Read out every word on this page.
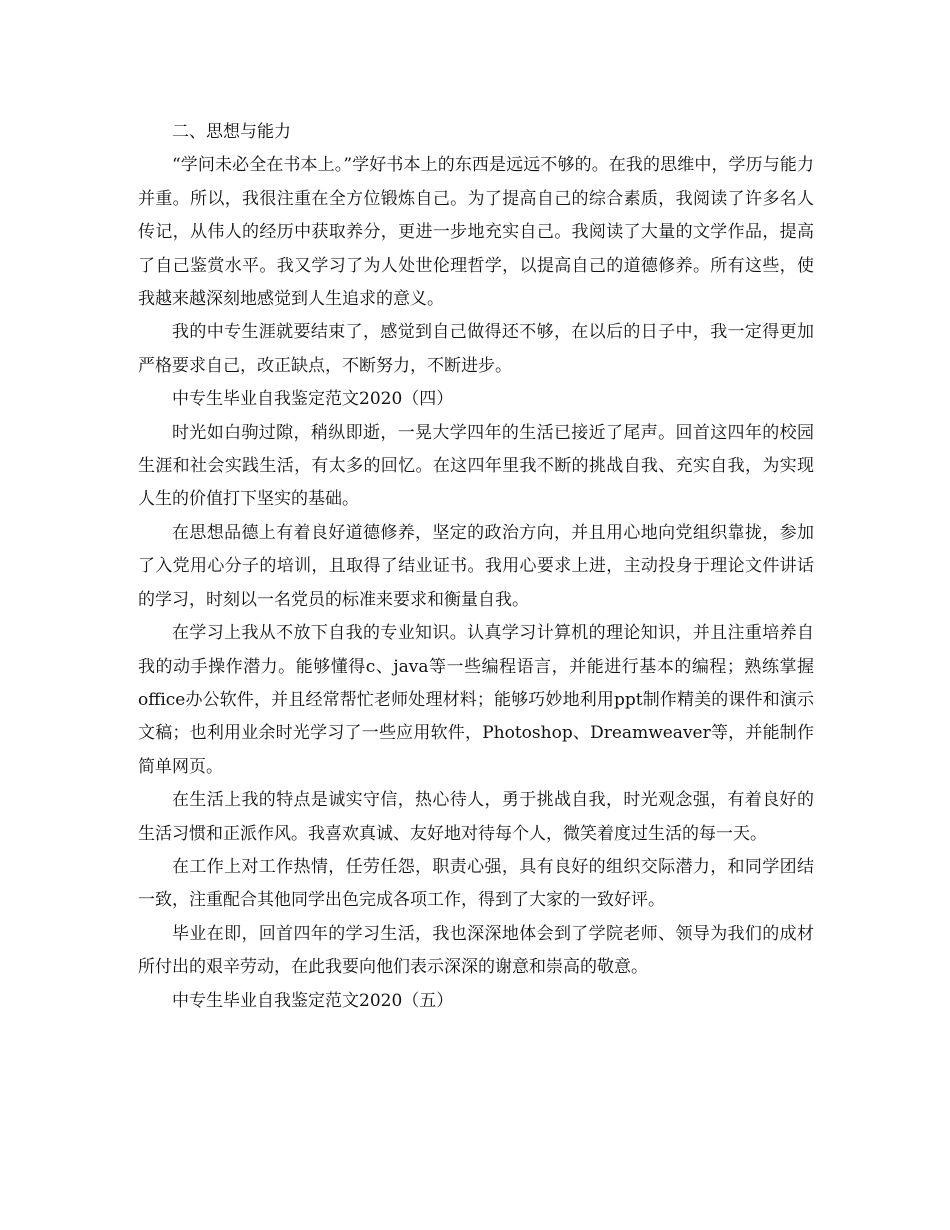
二、思想与能力

“学问未必全在书本上。”学好书本上的东西是远远不够的。在我的思维中，学历与能力并重。所以，我很注重在全方位锻炼自己。为了提高自己的综合素质，我阅读了许多名人传记，从伟人的经历中获取养分，更进一步地充实自己。我阅读了大量的文学作品，提高了自己鉴赏水平。我又学习了为人处世伦理哲学，以提高自己的道德修养。所有这些，使我越来越深刻地感觉到人生追求的意义。

我的中专生涯就要结束了，感觉到自己做得还不够，在以后的日子中，我一定得更加严格要求自己，改正缺点，不断努力，不断进步。

中专生毕业自我鉴定范文2020（四）

时光如白驹过隙，稍纵即逝，一晃大学四年的生活已接近了尾声。回首这四年的校园生涯和社会实践生活，有太多的回忆。在这四年里我不断的挑战自我、充实自我，为实现人生的价值打下坚实的基础。

在思想品德上有着良好道德修养，坚定的政治方向，并且用心地向党组织靠拢，参加了入党用心分子的培训，且取得了结业证书。我用心要求上进，主动投身于理论文件讲话的学习，时刻以一名党员的标准来要求和衡量自我。

在学习上我从不放下自我的专业知识。认真学习计算机的理论知识，并且注重培养自我的动手操作潜力。能够懂得c、java等一些编程语言，并能进行基本的编程；熟练掌握office办公软件，并且经常帮忙老师处理材料；能够巧妙地利用ppt制作精美的课件和演示文稿；也利用业余时光学习了一些应用软件，Photoshop、Dreamweaver等，并能制作简单网页。

在生活上我的特点是诚实守信，热心待人，勇于挑战自我，时光观念强，有着良好的生活习惯和正派作风。我喜欢真诚、友好地对待每个人，微笑着度过生活的每一天。

在工作上对工作热情，任劳任怨，职责心强，具有良好的组织交际潜力，和同学团结一致，注重配合其他同学出色完成各项工作，得到了大家的一致好评。

毕业在即，回首四年的学习生活，我也深深地体会到了学院老师、领导为我们的成材所付出的艰辛劳动，在此我要向他们表示深深的谢意和崇高的敬意。

中专生毕业自我鉴定范文2020（五）
